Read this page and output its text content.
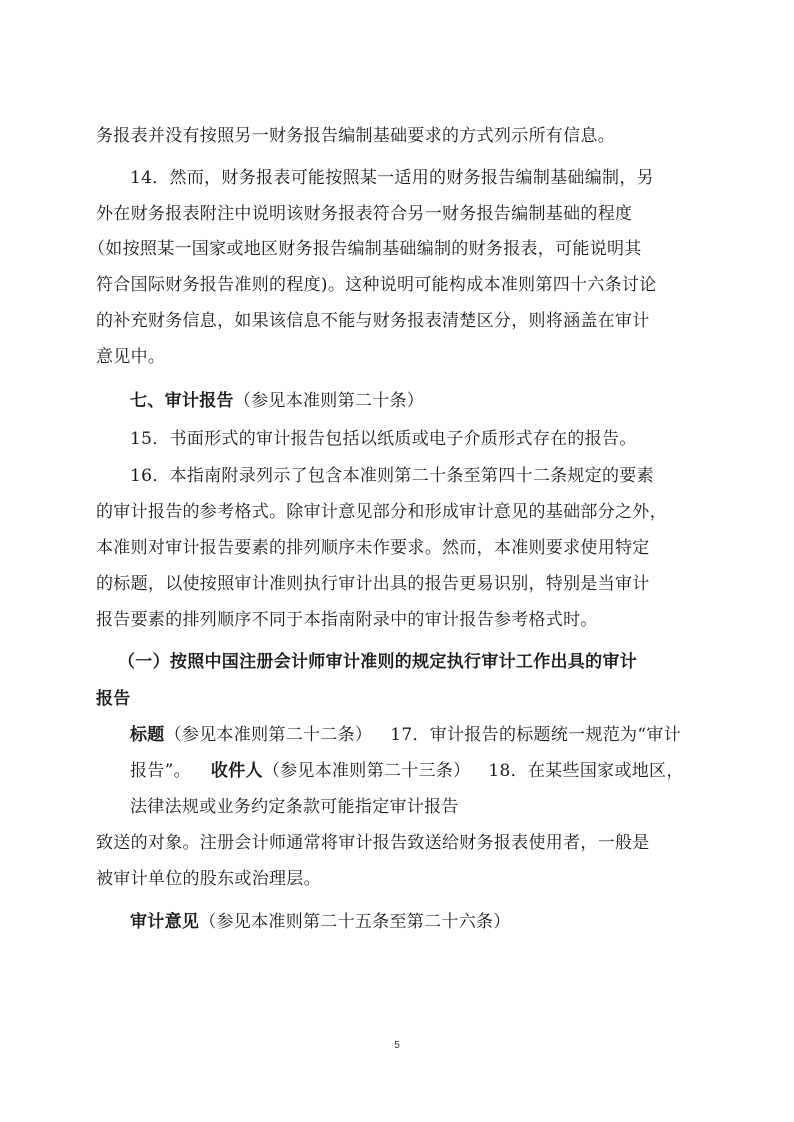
务报表并没有按照另一财务报告编制基础要求的方式列示所有信息。
14．然而，财务报表可能按照某一适用的财务报告编制基础编制，另
外在财务报表附注中说明该财务报表符合另一财务报告编制基础的程度
（如按照某一国家或地区财务报告编制基础编制的财务报表，可能说明其
符合国际财务报告准则的程度)。这种说明可能构成本准则第四十六条讨论
的补充财务信息，如果该信息不能与财务报表清楚区分，则将涵盖在审计
意见中。
七、审计报告（参见本准则第二十条）
15．书面形式的审计报告包括以纸质或电子介质形式存在的报告。
16．本指南附录列示了包含本准则第二十条至第四十二条规定的要素
的审计报告的参考格式。除审计意见部分和形成审计意见的基础部分之外，
本准则对审计报告要素的排列顺序未作要求。然而，本准则要求使用特定
的标题，以使按照审计准则执行审计出具的报告更易识别，特别是当审计
报告要素的排列顺序不同于本指南附录中的审计报告参考格式时。
（一）按照中国注册会计师审计准则的规定执行审计工作出具的审计
报告
标题（参见本准则第二十二条） 17．审计报告的标题统一规范为“审计
报告”。 收件人（参见本准则第二十三条） 18．在某些国家或地区，
法律法规或业务约定条款可能指定审计报告
致送的对象。注册会计师通常将审计报告致送给财务报表使用者，一般是
被审计单位的股东或治理层。
审计意见（参见本准则第二十五条至第二十六条）
5
